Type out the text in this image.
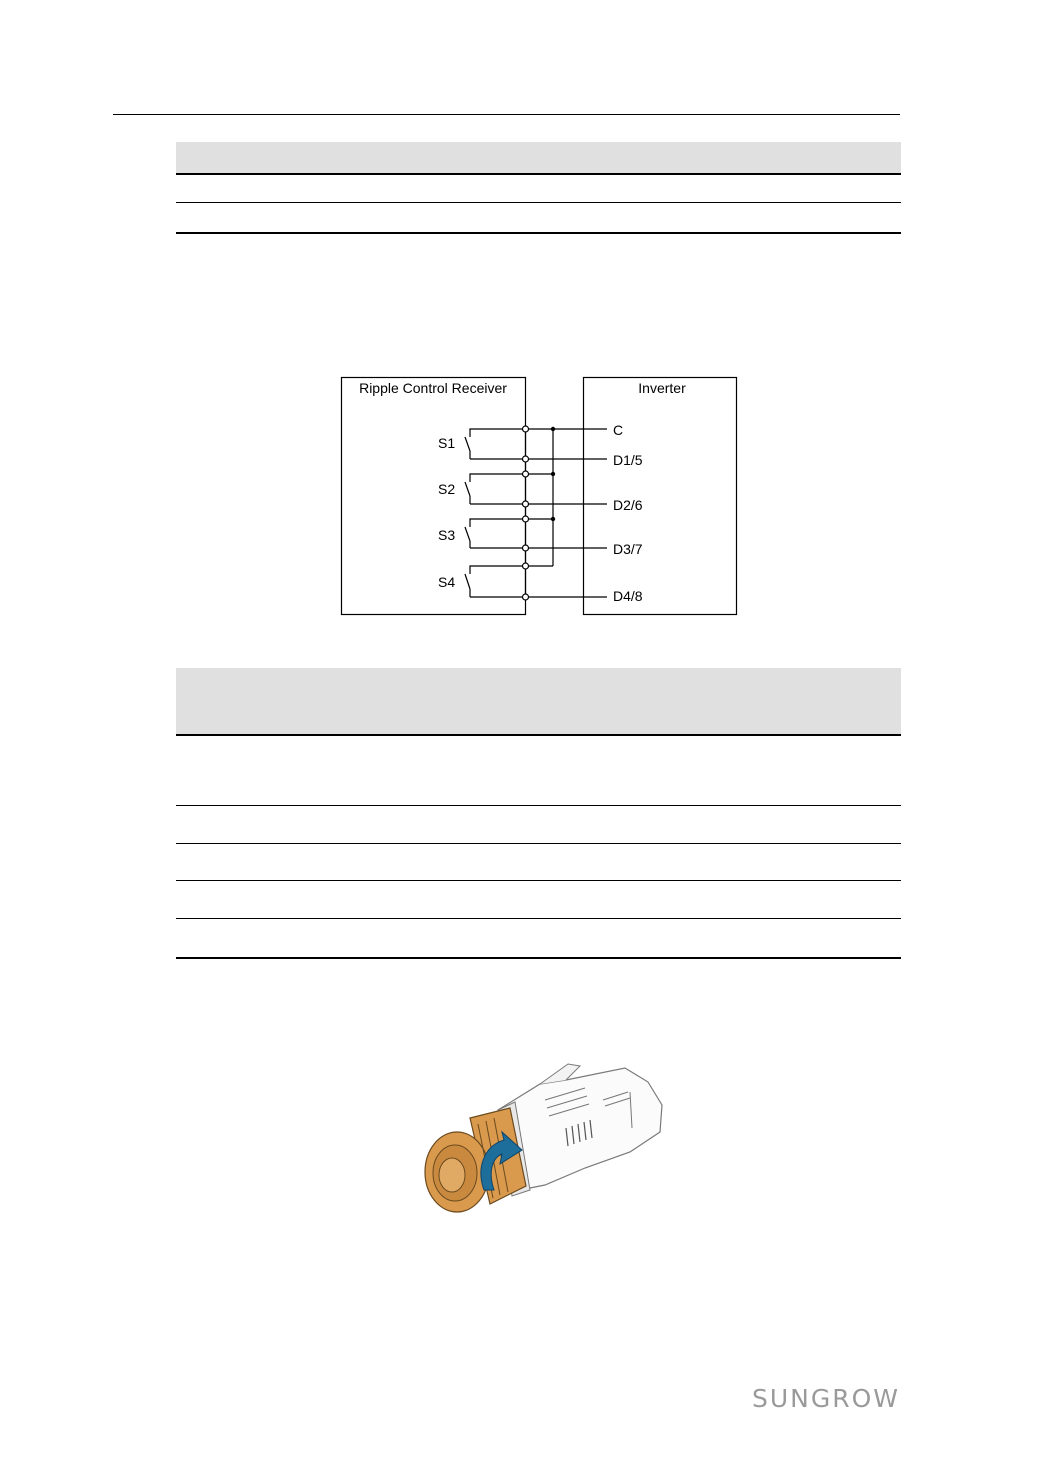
Ripple Control Receiver	Inverter
S1
S2
S3
S4
C
D1/5
D2/6
D3/7
D4/8
SUNGROW
